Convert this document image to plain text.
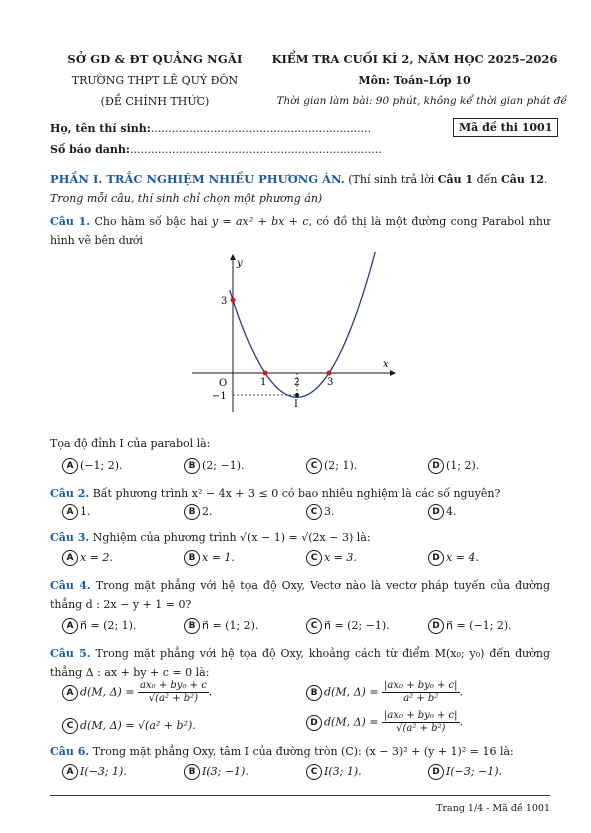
SỞ GD & ĐT QUẢNG NGÃI
TRƯỜNG THPT LÊ QUÝ ĐÔN
(ĐỀ CHÍNH THỨC)
KIỂM TRA CUỐI KÌ 2, NĂM HỌC 2025–2026
Môn: Toán–Lớp 10
Thời gian làm bài: 90 phút, không kể thời gian phát đề
Họ, tên thí sinh:...............................................................
Số báo danh:........................................................................
Mã đề thi 1001
PHẦN I. TRẮC NGHIỆM NHIỀU PHƯƠNG ÁN. (Thí sinh trả lời Câu 1 đến Câu 12. Trong mỗi câu, thí sinh chỉ chọn một phương án)
Câu 1. Cho hàm số bậc hai y = ax² + bx + c, có đồ thị là một đường cong Parabol như hình vẽ bên dưới
y
x
O
3
−1
1	2	3
I
Tọa độ đỉnh I của parabol là:
A (−1; 2).	B (2; −1).	C (2; 1).	D (1; 2).
Câu 2. Bất phương trình x² − 4x + 3 ≤ 0 có bao nhiêu nghiệm là các số nguyên?
A 1.	B 2.	C 3.	D 4.
Câu 3. Nghiệm của phương trình √(x − 1) = √(2x − 3) là:
A x = 2.	B x = 1.	C x = 3.	D x = 4.
Câu 4. Trong mặt phẳng với hệ tọa độ Oxy, Vectơ nào là vectơ pháp tuyến của đường thẳng d : 2x − y + 1 = 0?
A n⃗ = (2; 1).	B n⃗ = (1; 2).	C n⃗ = (2; −1).	D n⃗ = (−1; 2).
Câu 5. Trong mặt phẳng với hệ tọa độ Oxy, khoảng cách từ điểm M(x₀; y₀) đến đường thẳng Δ : ax + by + c = 0 là:
A d(M, $\Delta) = \frac{\text{ax₀ + by₀ + c}}{\text{√(a² + b²)}}$ .	B d(M, $\Delta) = \frac{\text{|ax₀ + by₀ + c|}}{\text{a² + b²}}$ .
C d(M, Δ) = √(a² + b²).	D d(M, $\Delta) = \frac{\text{|ax₀ + by₀ + c|}}{\text{√(a² + b²)}}$ .
Câu 6. Trong mặt phẳng Oxy, tâm I của đường tròn (C): (x − 3)² + (y + 1)² = 16 là:
A I(−3; 1).	B I(3; −1).	C I(3; 1).	D I(−3; −1).
Trang 1/4 - Mã đề 1001
